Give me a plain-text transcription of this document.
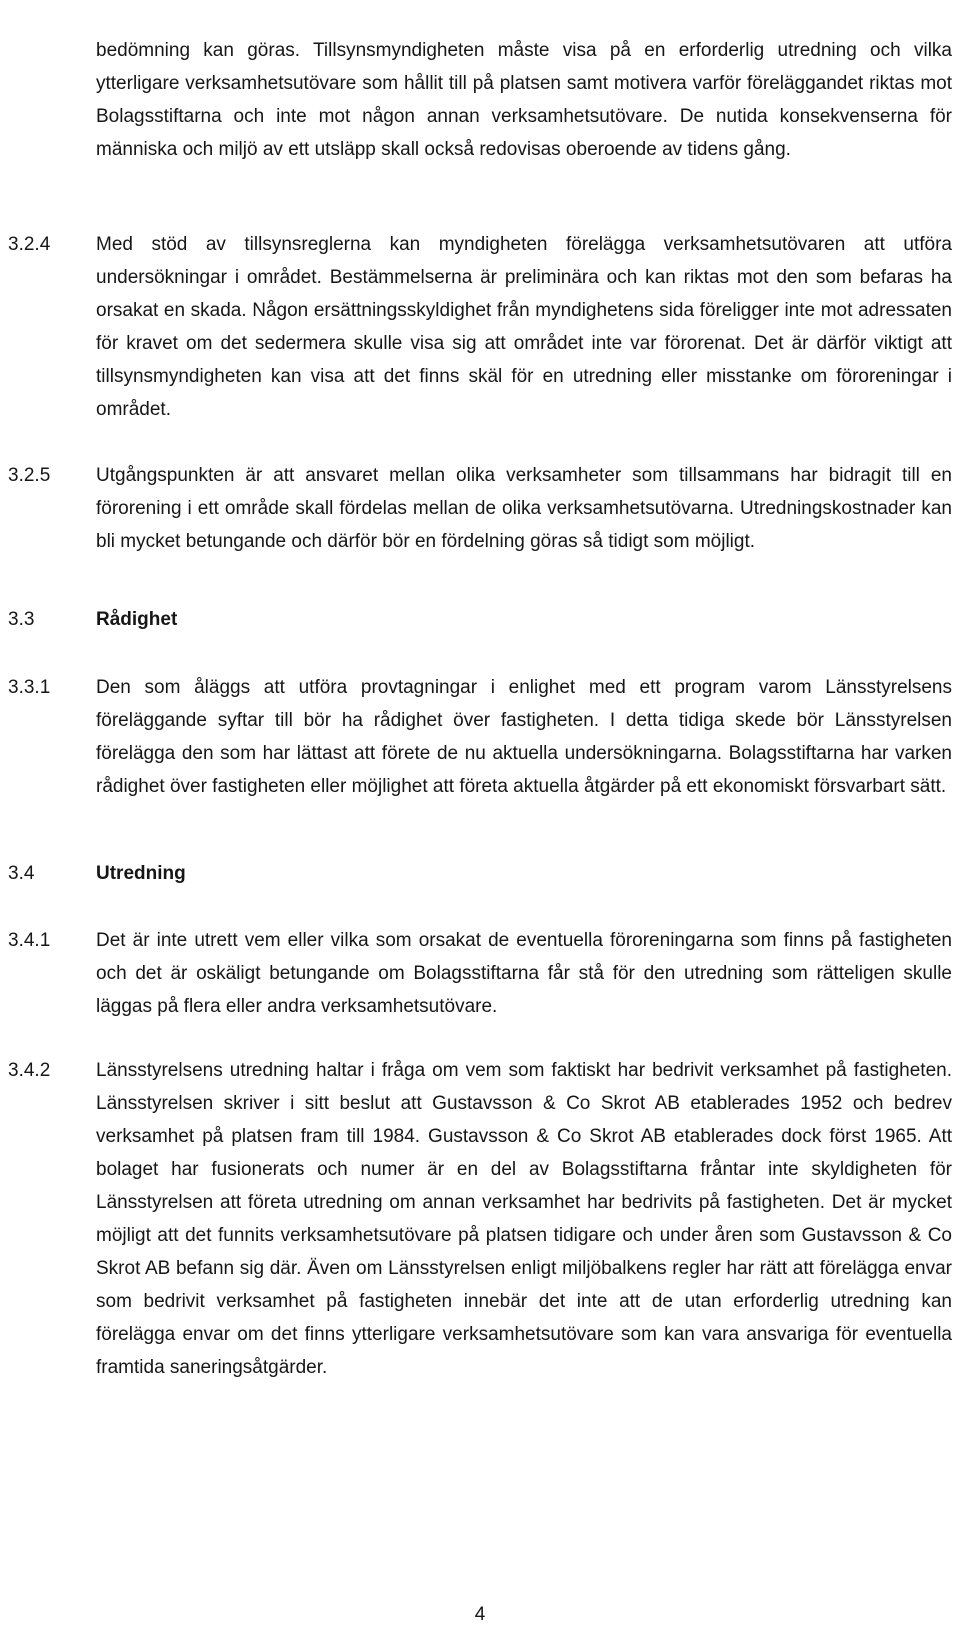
bedömning kan göras. Tillsynsmyndigheten måste visa på en erforderlig utredning och vilka ytterligare verksamhetsutövare som hållit till på platsen samt motivera varför föreläggandet riktas mot Bolagsstiftarna och inte mot någon annan verksamhetsutövare. De nutida konsekvenserna för människa och miljö av ett utsläpp skall också redovisas oberoende av tidens gång.

3.2.4	Med stöd av tillsynsreglerna kan myndigheten förelägga verksamhetsutövaren att utföra undersökningar i området. Bestämmelserna är preliminära och kan riktas mot den som befaras ha orsakat en skada. Någon ersättningsskyldighet från myndighetens sida föreligger inte mot adressaten för kravet om det sedermera skulle visa sig att området inte var förorenat. Det är därför viktigt att tillsynsmyndigheten kan visa att det finns skäl för en utredning eller misstanke om föroreningar i området.

3.2.5	Utgångspunkten är att ansvaret mellan olika verksamheter som tillsammans har bidragit till en förorening i ett område skall fördelas mellan de olika verksamhetsutövarna. Utredningskostnader kan bli mycket betungande och därför bör en fördelning göras så tidigt som möjligt.

3.3	Rådighet

3.3.1	Den som åläggs att utföra provtagningar i enlighet med ett program varom Länsstyrelsens föreläggande syftar till bör ha rådighet över fastigheten. I detta tidiga skede bör Länsstyrelsen förelägga den som har lättast att förete de nu aktuella undersökningarna. Bolagsstiftarna har varken rådighet över fastigheten eller möjlighet att företa aktuella åtgärder på ett ekonomiskt försvarbart sätt.

3.4	Utredning

3.4.1	Det är inte utrett vem eller vilka som orsakat de eventuella föroreningarna som finns på fastigheten och det är oskäligt betungande om Bolagsstiftarna får stå för den utredning som rätteligen skulle läggas på flera eller andra verksamhetsutövare.

3.4.2	Länsstyrelsens utredning haltar i fråga om vem som faktiskt har bedrivit verksamhet på fastigheten. Länsstyrelsen skriver i sitt beslut att Gustavsson & Co Skrot AB etablerades 1952 och bedrev verksamhet på platsen fram till 1984. Gustavsson & Co Skrot AB etablerades dock först 1965. Att bolaget har fusionerats och numer är en del av Bolagsstiftarna fråntar inte skyldigheten för Länsstyrelsen att företa utredning om annan verksamhet har bedrivits på fastigheten. Det är mycket möjligt att det funnits verksamhetsutövare på platsen tidigare och under åren som Gustavsson & Co Skrot AB befann sig där. Även om Länsstyrelsen enligt miljöbalkens regler har rätt att förelägga envar som bedrivit verksamhet på fastigheten innebär det inte att de utan erforderlig utredning kan förelägga envar om det finns ytterligare verksamhetsutövare som kan vara ansvariga för eventuella framtida saneringsåtgärder.

4
